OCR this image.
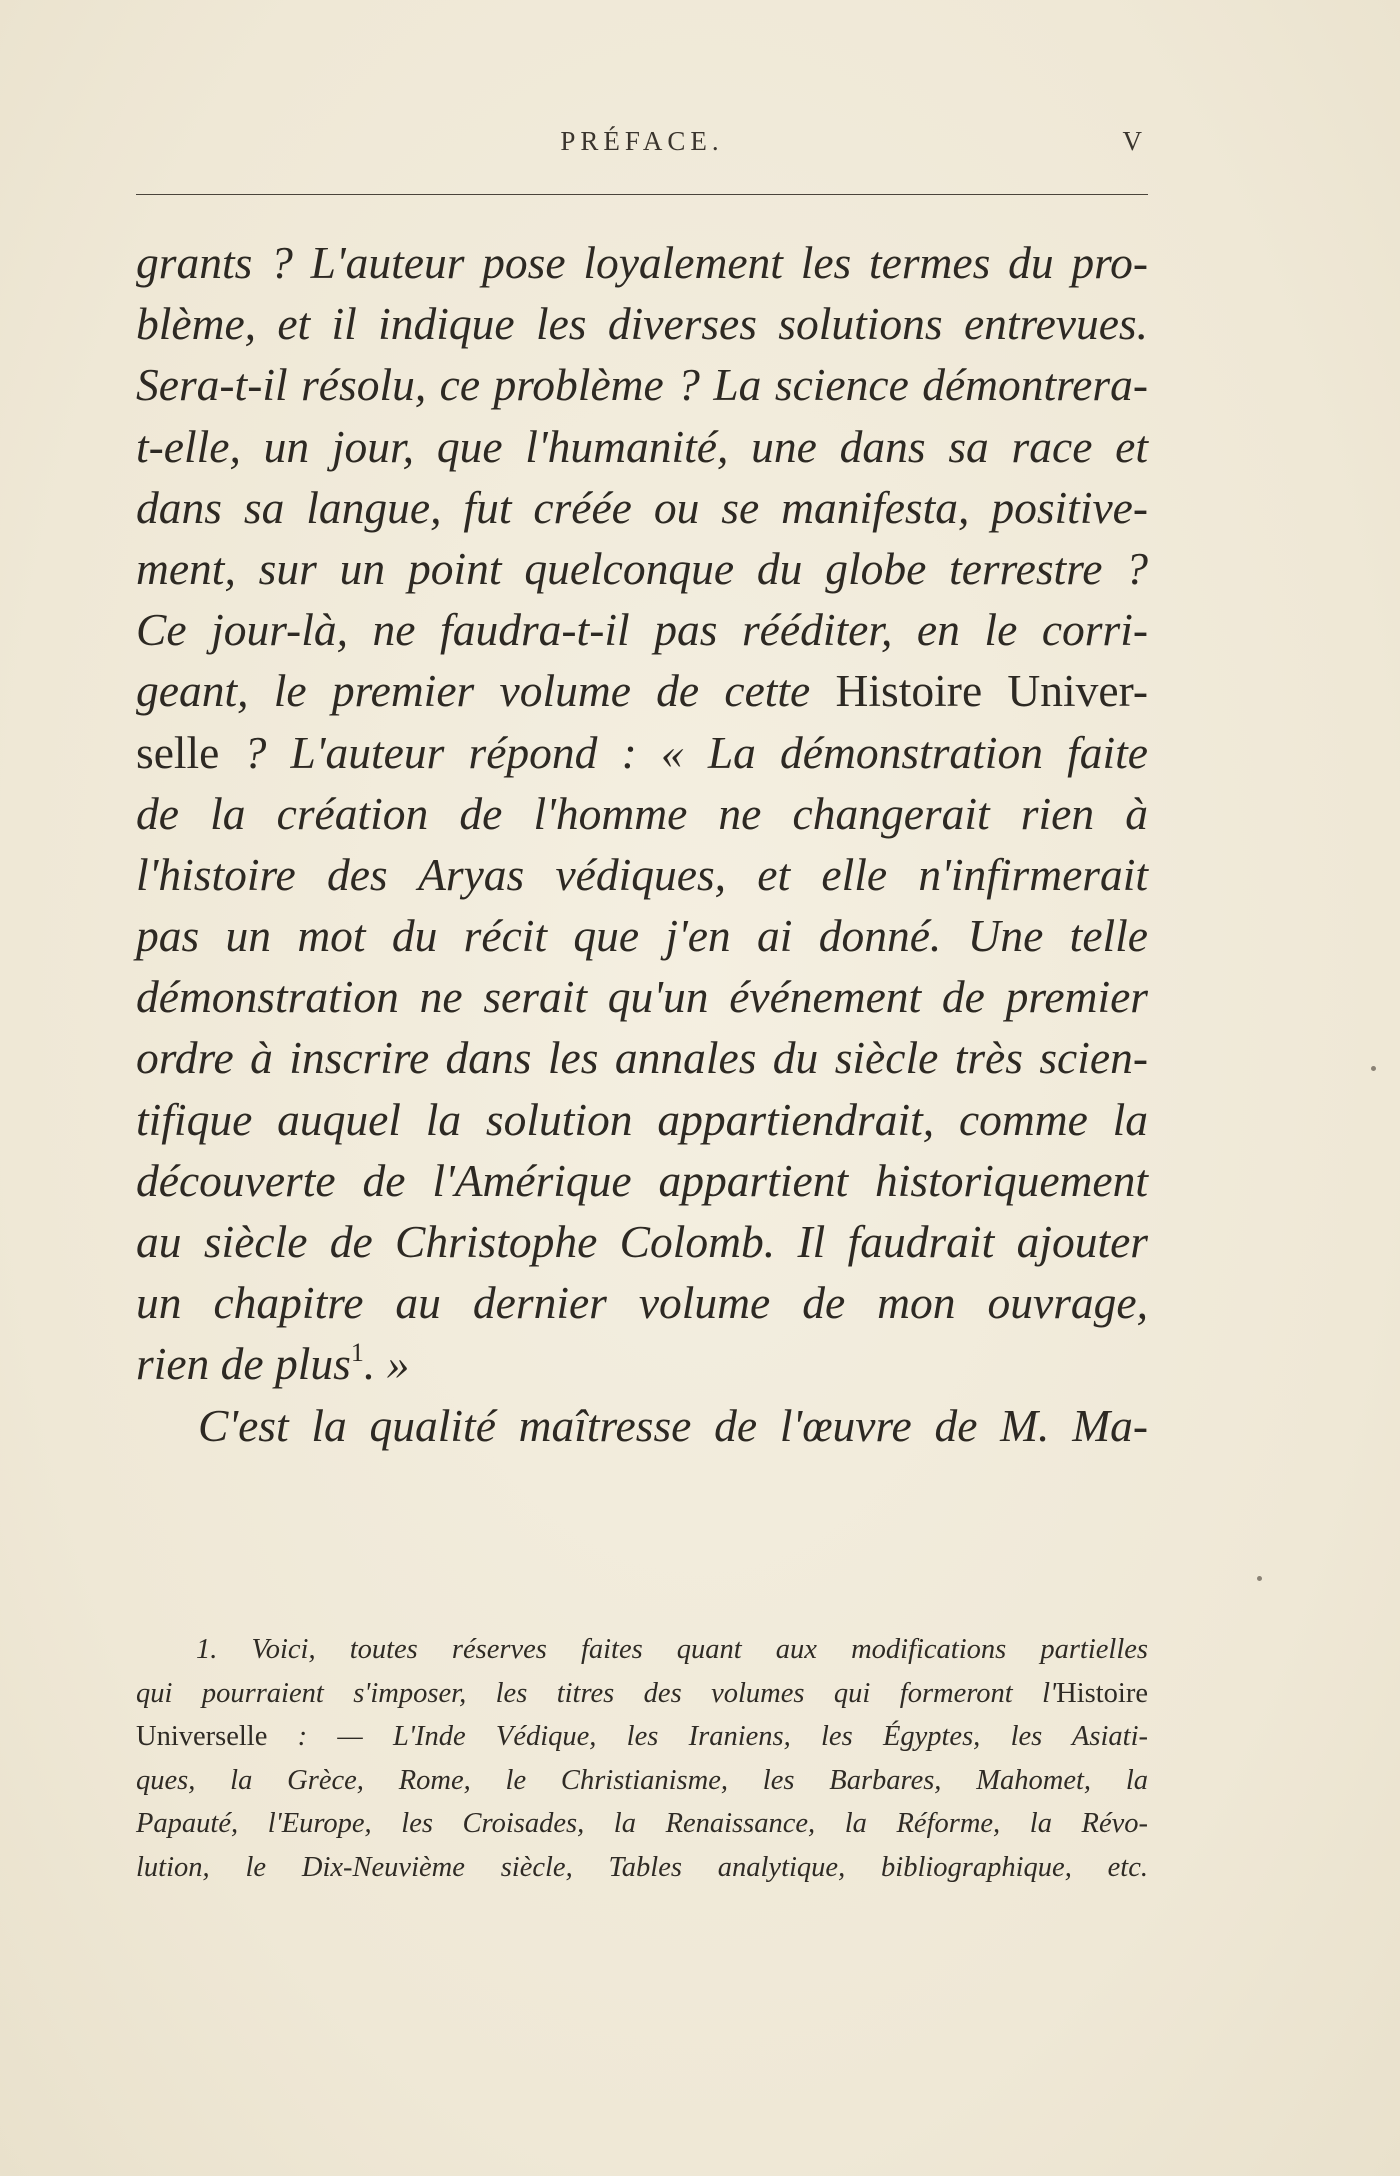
PRÉFACE.	V
grants ? L'auteur pose loyalement les termes du pro-
blème, et il indique les diverses solutions entrevues.
Sera-t-il résolu, ce problème ? La science démontrera-
t-elle, un jour, que l'humanité, une dans sa race et
dans sa langue, fut créée ou se manifesta, positive-
ment, sur un point quelconque du globe terrestre ?
Ce jour-là, ne faudra-t-il pas rééditer, en le corri-
geant, le premier volume de cette Histoire Univer-
selle ? L'auteur répond : « La démonstration faite
de la création de l'homme ne changerait rien à
l'histoire des Aryas védiques, et elle n'infirmerait
pas un mot du récit que j'en ai donné. Une telle
démonstration ne serait qu'un événement de premier
ordre à inscrire dans les annales du siècle très scien-
tifique auquel la solution appartiendrait, comme la
découverte de l'Amérique appartient historiquement
au siècle de Christophe Colomb. Il faudrait ajouter
un chapitre au dernier volume de mon ouvrage,
rien de plus$^1$. »
C'est la qualité maîtresse de l'œuvre de M. Ma-
1. Voici, toutes réserves faites quant aux modifications partielles
qui pourraient s'imposer, les titres des volumes qui formeront l'Histoire
Universelle : — L'Inde Védique, les Iraniens, les Égyptes, les Asiati-
ques, la Grèce, Rome, le Christianisme, les Barbares, Mahomet, la
Papauté, l'Europe, les Croisades, la Renaissance, la Réforme, la Révo-
lution, le Dix-Neuvième siècle, Tables analytique, bibliographique, etc.
